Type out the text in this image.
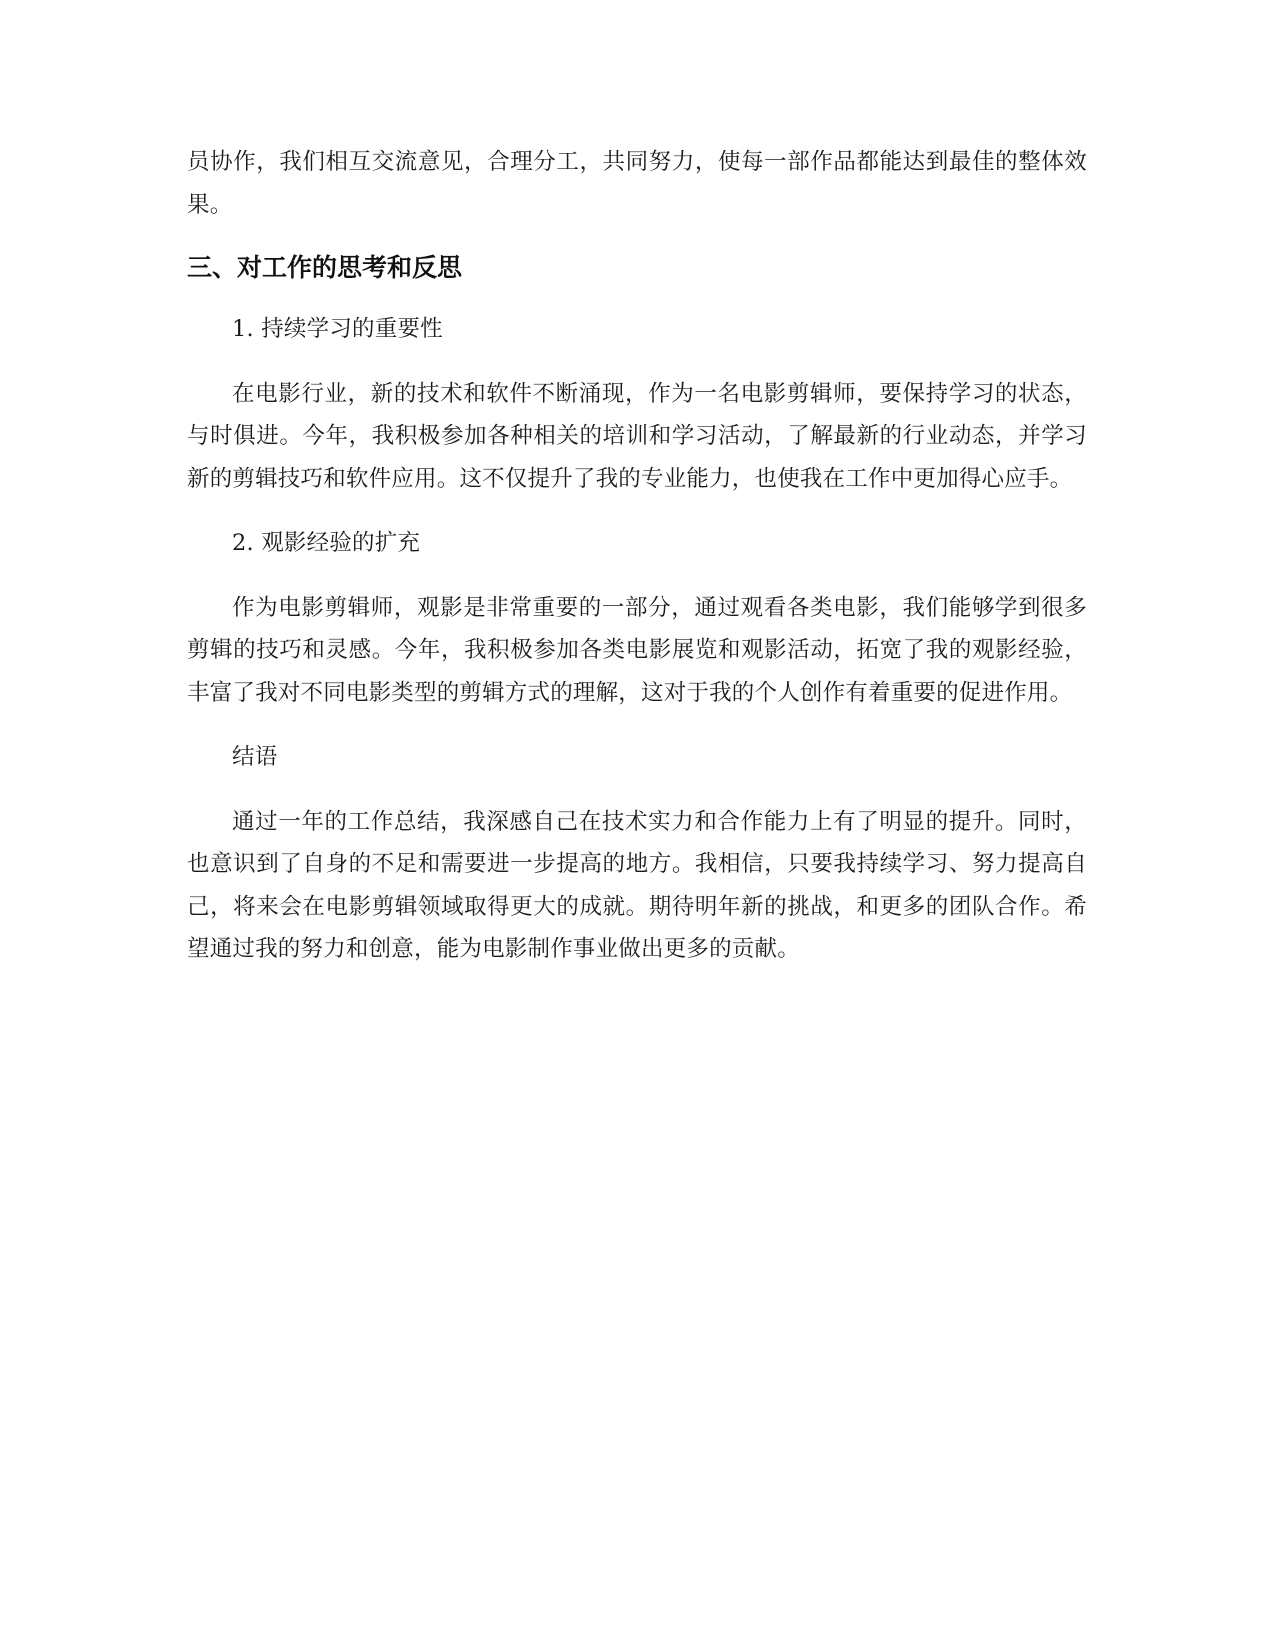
员协作，我们相互交流意见，合理分工，共同努力，使每一部作品都能达到最佳的整体效果。

三、对工作的思考和反思

1. 持续学习的重要性

在电影行业，新的技术和软件不断涌现，作为一名电影剪辑师，要保持学习的状态，与时俱进。今年，我积极参加各种相关的培训和学习活动，了解最新的行业动态，并学习新的剪辑技巧和软件应用。这不仅提升了我的专业能力，也使我在工作中更加得心应手。

2. 观影经验的扩充

作为电影剪辑师，观影是非常重要的一部分，通过观看各类电影，我们能够学到很多剪辑的技巧和灵感。今年，我积极参加各类电影展览和观影活动，拓宽了我的观影经验，丰富了我对不同电影类型的剪辑方式的理解，这对于我的个人创作有着重要的促进作用。

结语

通过一年的工作总结，我深感自己在技术实力和合作能力上有了明显的提升。同时，也意识到了自身的不足和需要进一步提高的地方。我相信，只要我持续学习、努力提高自己，将来会在电影剪辑领域取得更大的成就。期待明年新的挑战，和更多的团队合作。希望通过我的努力和创意，能为电影制作事业做出更多的贡献。
